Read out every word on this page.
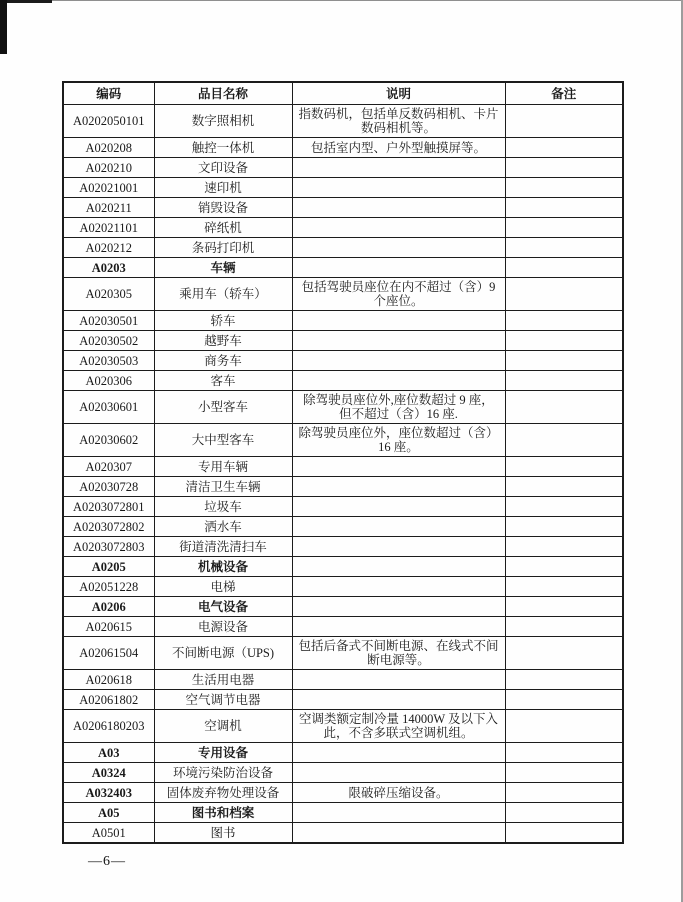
编码	品目名称	说明	备注
A0202050101	数字照相机	指数码机，包括单反数码相机、卡片数码相机等。	
A020208	触控一体机	包括室内型、户外型触摸屏等。	
A020210	文印设备		
A02021001	速印机		
A020211	销毁设备		
A02021101	碎纸机		
A020212	条码打印机		
A0203	车辆		
A020305	乘用车（轿车）	包括驾驶员座位在内不超过（含）9 个座位。	
A02030501	轿车		
A02030502	越野车		
A02030503	商务车		
A020306	客车		
A02030601	小型客车	除驾驶员座位外,座位数超过 9 座，但不超过（含）16 座.	
A02030602	大中型客车	除驾驶员座位外，座位数超过（含）16 座。	
A020307	专用车辆		
A02030728	清洁卫生车辆		
A0203072801	垃圾车		
A0203072802	洒水车		
A0203072803	街道清洗清扫车		
A0205	机械设备		
A02051228	电梯		
A0206	电气设备		
A020615	电源设备		
A02061504	不间断电源（UPS)	包括后备式不间断电源、在线式不间断电源等。	
A020618	生活用电器		
A02061802	空气调节电器		
A0206180203	空调机	空调类额定制冷量 14000W 及以下入此，不含多联式空调机组。	
A03	专用设备		
A0324	环境污染防治设备		
A032403	固体废弃物处理设备	限破碎压缩设备。	
A05	图书和档案		
A0501	图书		
—6—
